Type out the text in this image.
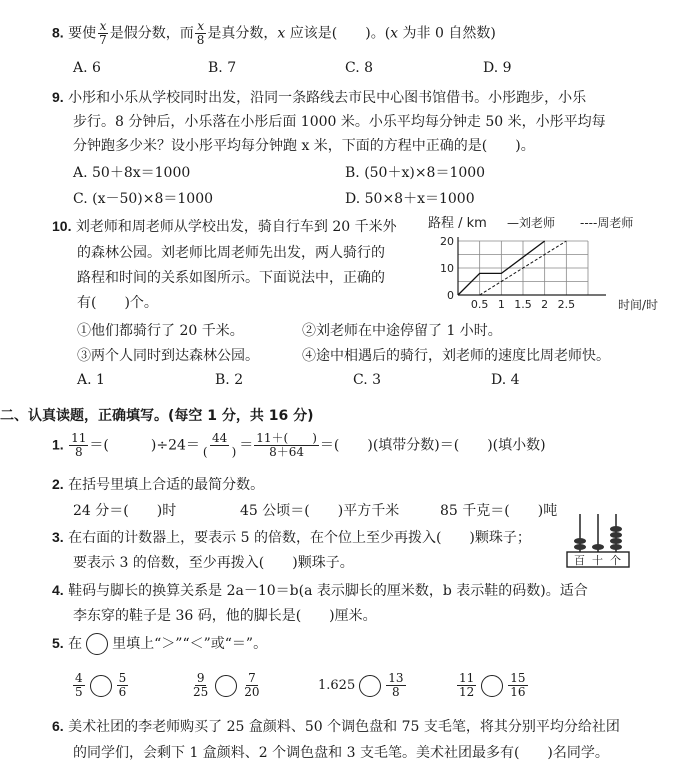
8. 要使 $\frac{x}{7}$ 是假分数，而 $\frac{x}{8}$ 是真分数，x 应该是(　　)。(x 为非 0 自然数)
A. 6	B. 7	C. 8	D. 9
9. 小彤和小乐从学校同时出发，沿同一条路线去市民中心图书馆借书。小彤跑步，小乐
步行。8 分钟后，小乐落在小彤后面 1000 米。小乐平均每分钟走 50 米，小彤平均每
分钟跑多少米？设小彤平均每分钟跑 x 米，下面的方程中正确的是(　　)。
A. 50＋8x＝1000	B. (50＋x)×8＝1000
C. (x－50)×8＝1000	D. 50×8＋x＝1000
10. 刘老师和周老师从学校出发，骑自行车到 20 千米外
的森林公园。刘老师比周老师先出发，两人骑行的
路程和时间的关系如图所示。下面说法中，正确的
有(　　)个。
①他们都骑行了 20 千米。	②刘老师在中途停留了 1 小时。
③两个人同时到达森林公园。	④途中相遇后的骑行，刘老师的速度比周老师快。
A. 1	B. 2	C. 3	D. 4
路程 / km —刘老师 ----周老师
0.5 1 1.5 2 2.5
0
10
20
时间/时
二、认真读题，正确填写。(每空 1 分，共 16 分)
1. $\frac{11}{8}$ ＝(　　　)$\div 24= \frac{44}{( )} = \frac{11+( )}{8+64}$ ＝(　　)(填带分数)＝(　　)(填小数)
2. 在括号里填上合适的最简分数。
24 分＝(　　)时	45 公顷＝(　　)平方千米	85 千克＝(　　)吨
3. 在右面的计数器上，要表示 5 的倍数，在个位上至少再拨入(　　)颗珠子；
要表示 3 的倍数，至少再拨入(　　)颗珠子。	百 十 个
4. 鞋码与脚长的换算关系是 2a－10＝b(a 表示脚长的厘米数，b 表示鞋的码数)。适合
李东穿的鞋子是 36 码，他的脚长是(　　)厘米。
5. 在 里填上“＞”“＜”或“＝”。
$\frac{4}{5}$	$\frac{5}{6}$	$\frac{9}{25}$	$\frac{7}{20}$	1.625	$\frac{13}{8}$	$\frac{11}{12}$	$\frac{15}{16}$
6. 美术社团的李老师购买了 25 盒颜料、50 个调色盘和 75 支毛笔，将其分别平均分给社团
的同学们，会剩下 1 盒颜料、2 个调色盘和 3 支毛笔。美术社团最多有(　　)名同学。
